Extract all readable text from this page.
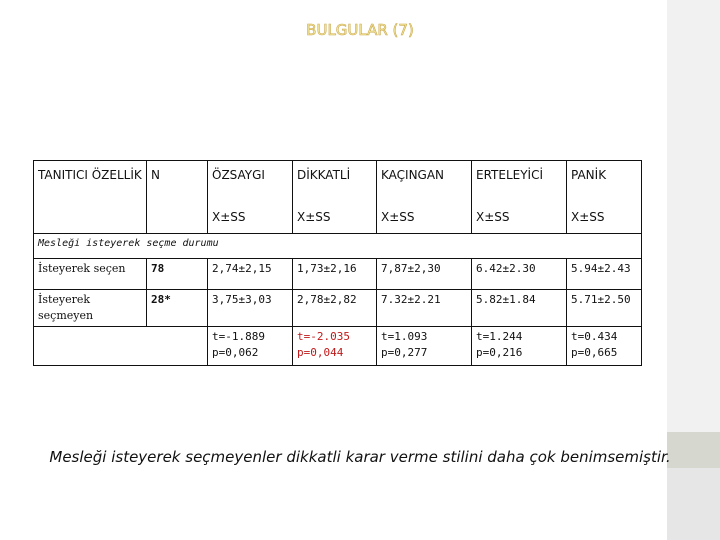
BULGULAR (7)
TANITICI ÖZELLİK	N	ÖZSAYGI	DİKKATLİ	KAÇINGAN	ERTELEYİCİ	PANİK
		X±SS	X±SS	X±SS	X±SS	X±SS
Mesleği isteyerek seçme durumu						
İsteyerek seçen	78	2,74±2,15	1,73±2,16	7,87±2,30	6.42±2.30	5.94±2.43
İsteyerek seçmeyen	28*	3,75±3,03	2,78±2,82	7.32±2.21	5.82±1.84	5.71±2.50
		t=-1.889 p=0,062	t=-2.035 p=0,044	t=1.093 p=0,277	t=1.244 p=0,216	t=0.434 p=0,665
Mesleği isteyerek seçmeyenler dikkatli karar verme stilini daha çok benimsemiştir.
